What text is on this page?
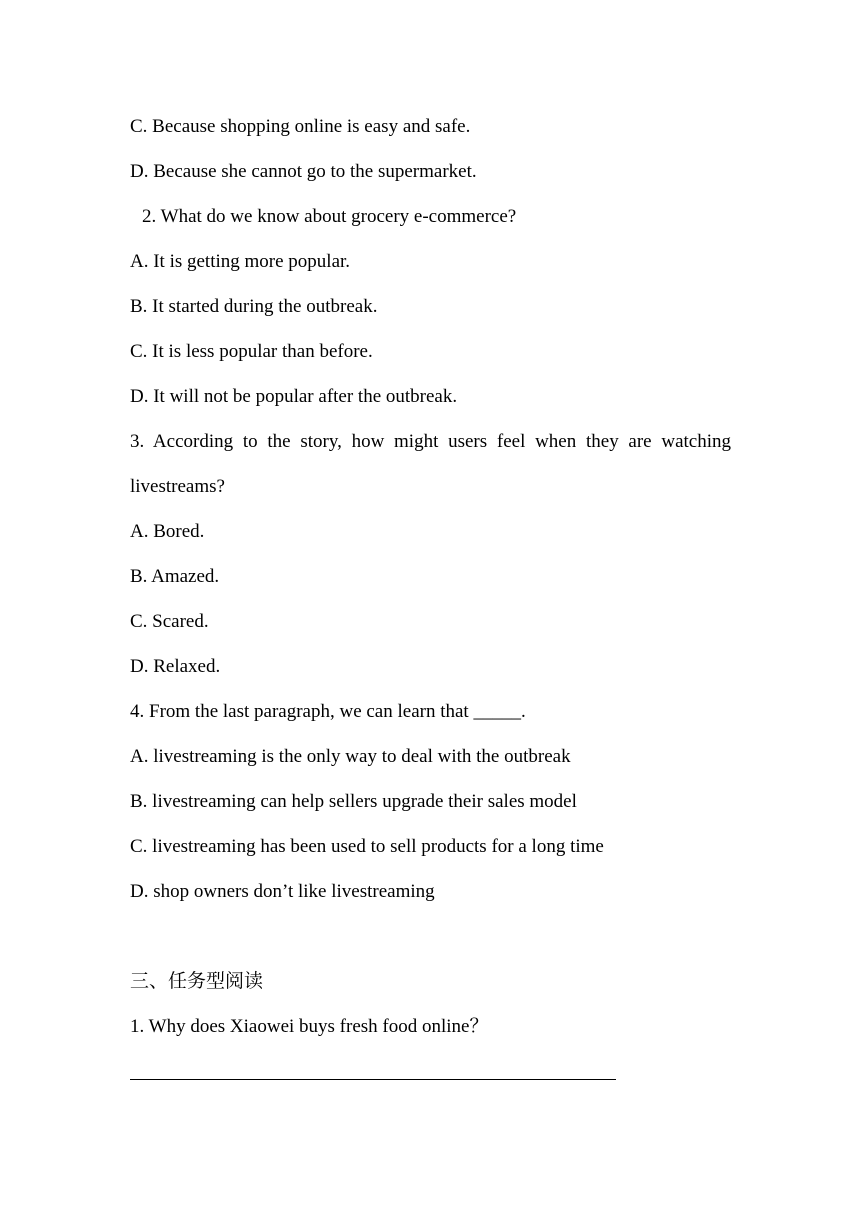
C. Because shopping online is easy and safe.
D. Because she cannot go to the supermarket.
2. What do we know about grocery e-commerce?
A. It is getting more popular.
B. It started during the outbreak.
C. It is less popular than before.
D. It will not be popular after the outbreak.
3. According to the story, how might users feel when they are watching
livestreams?
A. Bored.
B. Amazed.
C. Scared.
D. Relaxed.
4. From the last paragraph, we can learn that _____.
A. livestreaming is the only way to deal with the outbreak
B. livestreaming can help sellers upgrade their sales model
C. livestreaming has been used to sell products for a long time
D. shop owners don’t like livestreaming
三、任务型阅读
1. Why does Xiaowei buys fresh food online？
